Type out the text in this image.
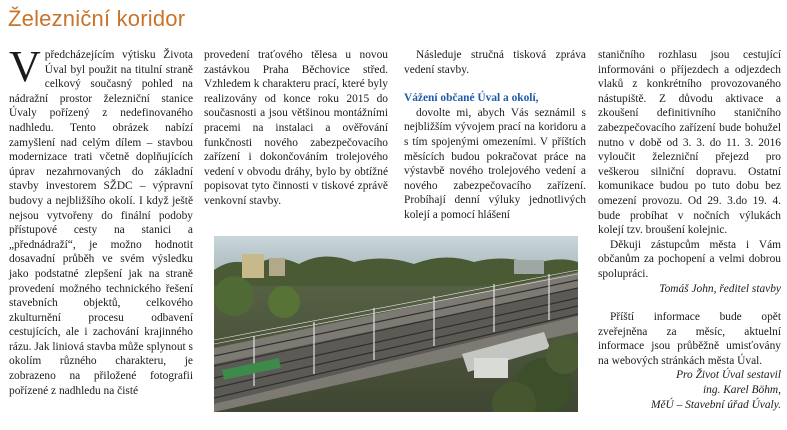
Železniční koridor
V předcházejícím výtisku Života Úval byl použit na titulní straně celkový současný pohled na nádražní prostor železniční stanice Úvaly pořízený z nedefinovaného nadhledu. Tento obrázek nabízí zamyšlení nad celým dílem – stavbou modernizace trati včetně doplňujících úprav nezahrnovaných do základní stavby investorem SŽDC – výpravní budovy a nejbližšího okolí. I když ještě nejsou vytvořeny do finální podoby přístupové cesty na stanici a „přednádraží“, je možno hodnotit dosavadní průběh ve svém výsledku jako podstatné zlepšení jak na straně provedení možného technického řešení stavebních objektů, celkového zkulturnění procesu odbavení cestujících, ale i zachování krajinného rázu. Jak liniová stavba může splynout s okolím různého charakteru, je zobrazeno na přiložené fotografii pořízené z nadhledu na čisté

provedení traťového tělesa u novou zastávkou Praha Běchovice střed. Vzhledem k charakteru prací, které byly realizovány od konce roku 2015 do současnosti a jsou většinou montážními pracemi na instalaci a ověřování funkčnosti nového zabezpečovacího zařízení i dokončováním trolejového vedení v obvodu dráhy, bylo by obtížné popisovat tyto činnosti v tiskové zprávě venkovní stavby.

Následuje stručná tisková zpráva vedení stavby.

Vážení občané Úval a okolí,

dovolte mi, abych Vás seznámil s nejbližším vývojem prací na koridoru a s tím spojenými omezeními. V příštích měsících budou pokračovat práce na výstavbě nového trolejového vedení a nového zabezpečovacího zařízení. Probíhají denní výluky jednotlivých kolejí a pomocí hlášení

staničního rozhlasu jsou cestující informováni o příjezdech a odjezdech vlaků z konkrétního provozovaného nástupiště. Z důvodu aktivace a zkoušení definitivního staničního zabezpečovacího zařízení bude bohužel nutno v době od 3. 3. do 11. 3. 2016 vyloučit železniční přejezd pro veškerou silniční dopravu. Ostatní komunikace budou po tuto dobu bez omezení provozu. Od 29. 3.do 19. 4. bude probíhat v nočních výlukách kolejí tzv. broušení kolejnic.

Děkuji zástupcům města i Vám občanům za pochopení a velmi dobrou spolupráci.

Tomáš John, ředitel stavby

Příští informace bude opět zveřejněna za měsíc, aktuelní informace jsou průběžně umisťovány na webových stránkách města Úval.

Pro Život Úval sestavil

ing. Karel Böhm,

MěÚ – Stavební úřad Úvaly.
